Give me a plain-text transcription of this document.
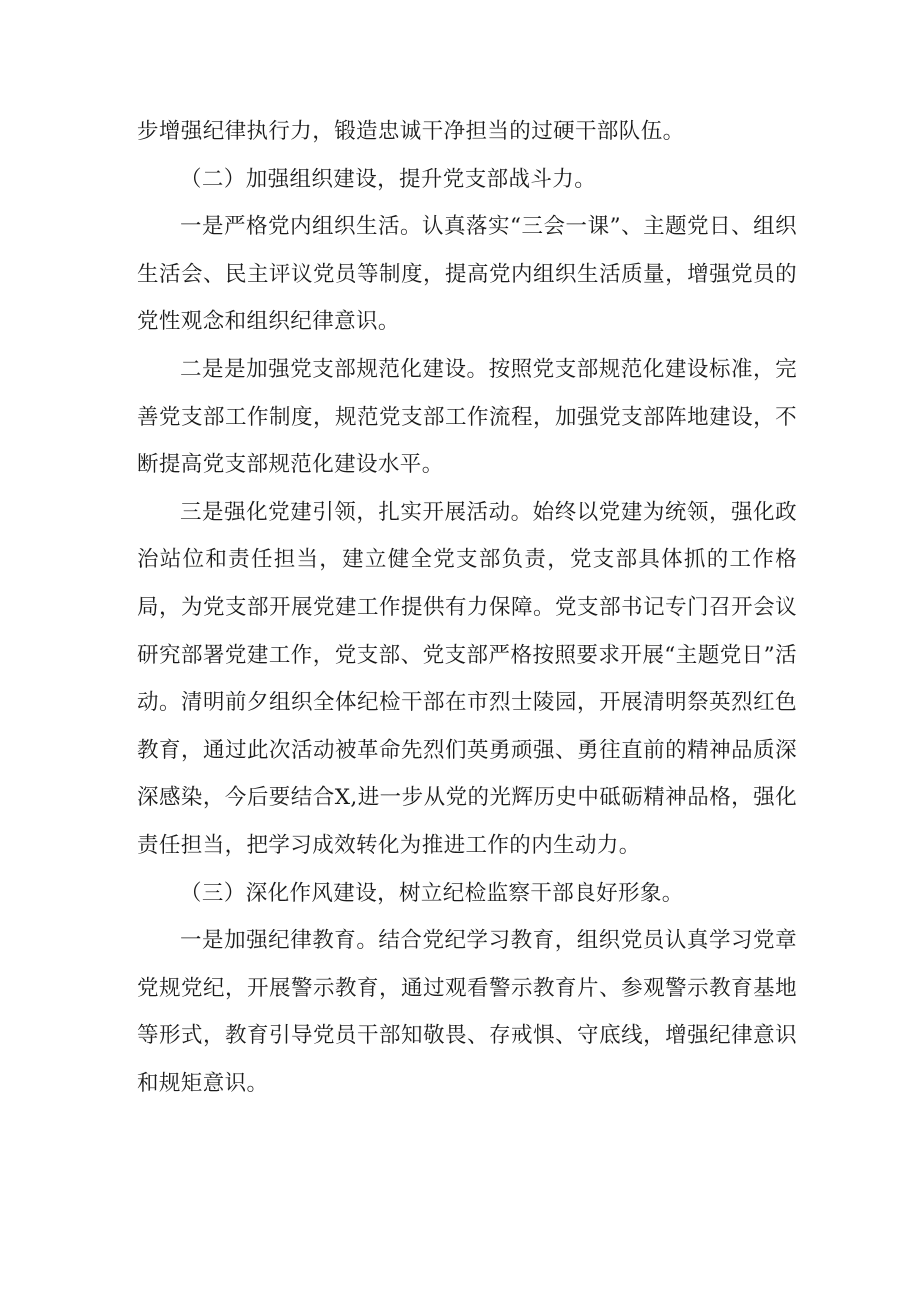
步增强纪律执行力，锻造忠诚干净担当的过硬干部队伍。

（二）加强组织建设，提升党支部战斗力。

一是严格党内组织生活。认真落实“三会一课”、主题党日、组织生活会、民主评议党员等制度，提高党内组织生活质量，增强党员的党性观念和组织纪律意识。

二是是加强党支部规范化建设。按照党支部规范化建设标准，完善党支部工作制度，规范党支部工作流程，加强党支部阵地建设，不断提高党支部规范化建设水平。

三是强化党建引领，扎实开展活动。始终以党建为统领，强化政治站位和责任担当，建立健全党支部负责，党支部具体抓的工作格局，为党支部开展党建工作提供有力保障。党支部书记专门召开会议研究部署党建工作，党支部、党支部严格按照要求开展“主题党日”活动。清明前夕组织全体纪检干部在市烈士陵园，开展清明祭英烈红色教育，通过此次活动被革命先烈们英勇顽强、勇往直前的精神品质深深感染，今后要结合X,进一步从党的光辉历史中砥砺精神品格，强化责任担当，把学习成效转化为推进工作的内生动力。

（三）深化作风建设，树立纪检监察干部良好形象。

一是加强纪律教育。结合党纪学习教育，组织党员认真学习党章党规党纪，开展警示教育，通过观看警示教育片、参观警示教育基地等形式，教育引导党员干部知敬畏、存戒惧、守底线，增强纪律意识和规矩意识。
